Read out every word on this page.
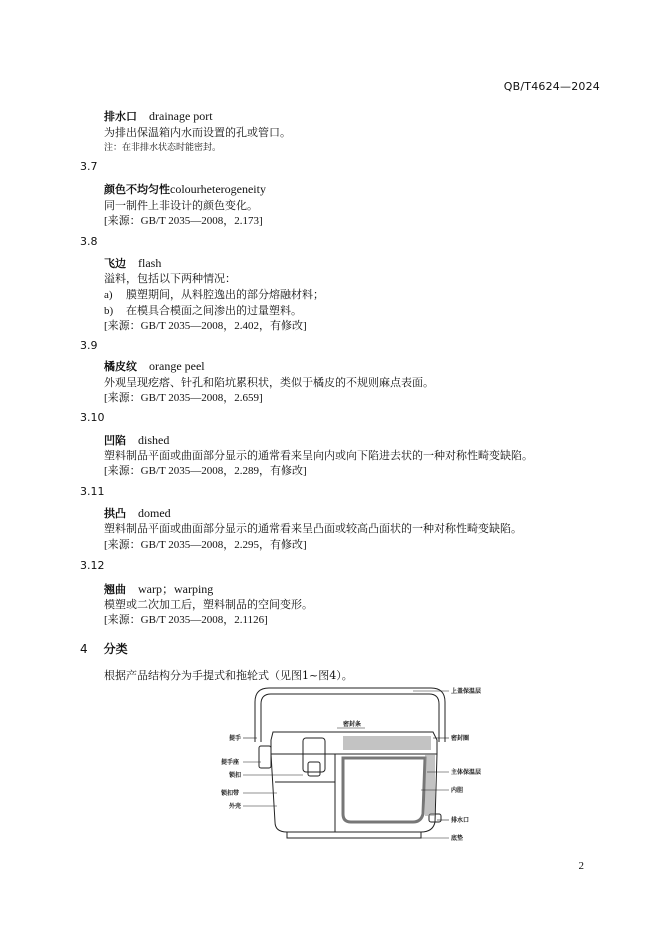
QB/T4624—2024
排水口 drainage port
为排出保温箱内水而设置的孔或管口。
注：在非排水状态时能密封。
3.7
颜色不均匀性colourheterogeneity
同一制件上非设计的颜色变化。
[来源：GB/T 2035—2008，2.173]
3.8
飞边 flash
溢料，包括以下两种情况：
a) 膜塑期间，从料腔逸出的部分熔融材料；
b) 在模具合模面之间渗出的过量塑料。
[来源：GB/T 2035—2008，2.402，有修改]
3.9
橘皮纹 orange peel
外观呈现疙瘩、针孔和陷坑累积状，类似于橘皮的不规则麻点表面。
[来源：GB/T 2035—2008，2.659]
3.10
凹陷 dished
塑料制品平面或曲面部分显示的通常看来呈向内或向下陷进去状的一种对称性畸变缺陷。
[来源：GB/T 2035—2008，2.289，有修改]
3.11
拱凸 domed
塑料制品平面或曲面部分显示的通常看来呈凸面或较高凸面状的一种对称性畸变缺陷。
[来源：GB/T 2035—2008，2.295，有修改]
3.12
翘曲 warp；warping
模塑或二次加工后，塑料制品的空间变形。
[来源：GB/T 2035—2008，2.1126]
4 分类
根据产品结构分为手提式和拖轮式（见图1~图4）。
上盖保温层
密封条
提手	密封圈
提手座
锁扣	主体保温层
锁扣带	内胆
外壳
排水口
底垫
2
